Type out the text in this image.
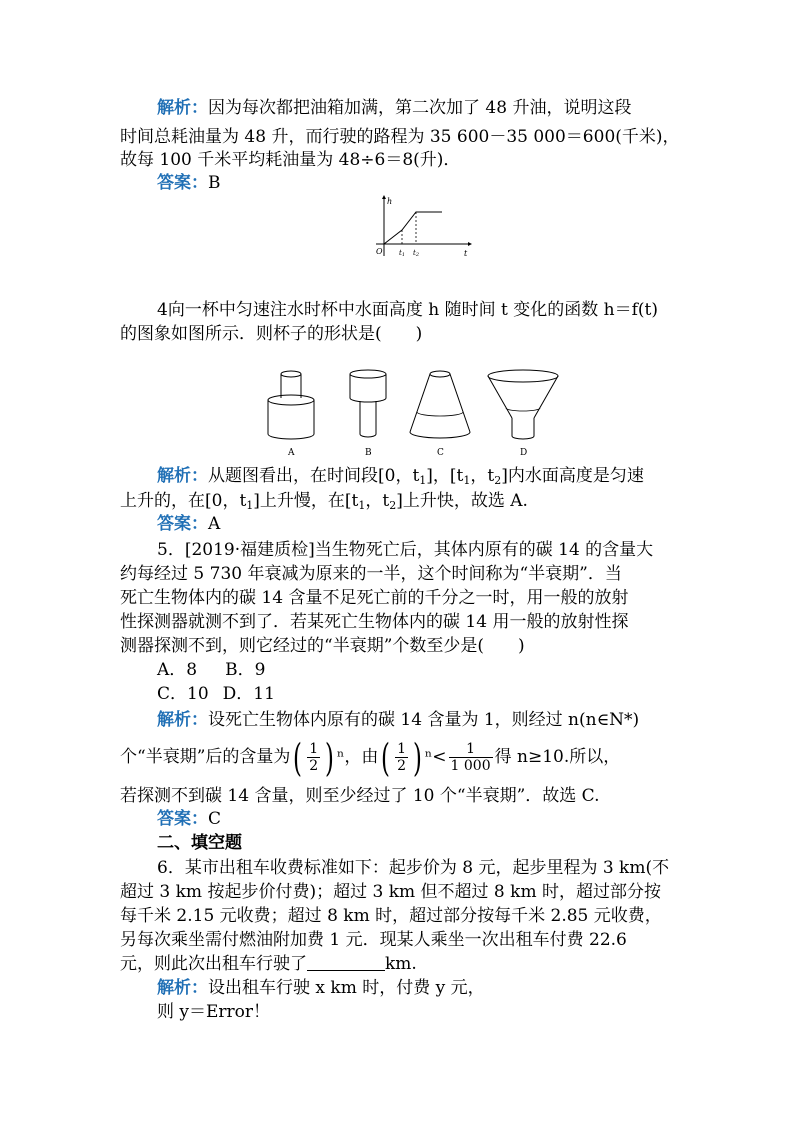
解析：因为每次都把油箱加满，第二次加了 48 升油，说明这段
时间总耗油量为 48 升，而行驶的路程为 35 600－35 000＝600(千米)，
故每 100 千米平均耗油量为 48÷6＝8(升)．
答案：B
h
t
O t1 t2
4向一杯中匀速注水时杯中水面高度 h 随时间 t 变化的函数 h＝f(t)
的图象如图所示．则杯子的形状是(　　)
A	B	C	D
解析：从题图看出，在时间段[0，$t_1$]，[$t_1$，$t_2$]内水面高度是匀速
上升的，在[0，$t_1$]上升慢，在[$t_1$，$t_2$]上升快，故选 A.
答案：A
5．[2019·福建质检]当生物死亡后，其体内原有的碳 14 的含量大
约每经过 5 730 年衰减为原来的一半，这个时间称为“半衰期”．当
死亡生物体内的碳 14 含量不足死亡前的千分之一时，用一般的放射
性探测器就测不到了．若某死亡生物体内的碳 14 用一般的放射性探
测器探测不到，则它经过的“半衰期”个数至少是(　　)
A．8 B．9
C．10 D．11
解析：设死亡生物体内原有的碳 14 含量为 1，则经过 n(n∈N*)
个“半衰期”后的含量为( $\frac{1}{2}$ ) ⁿ，由( $\frac{1}{2}$ ) $^n< \frac{1}{1 000}$ 得 n≥10.所以，
若探测不到碳 14 含量，则至少经过了 10 个“半衰期”．故选 C.
答案：C
二、填空题
6．某市出租车收费标准如下：起步价为 8 元，起步里程为 3 km(不
超过 3 km 按起步价付费)；超过 3 km 但不超过 8 km 时，超过部分按
每千米 2.15 元收费；超过 8 km 时，超过部分按每千米 2.85 元收费，
另每次乘坐需付燃油附加费 1 元．现某人乘坐一次出租车付费 22.6
元，则此次出租车行驶了	km.
解析：设出租车行驶 x km 时，付费 y 元，
则 y＝Error！
